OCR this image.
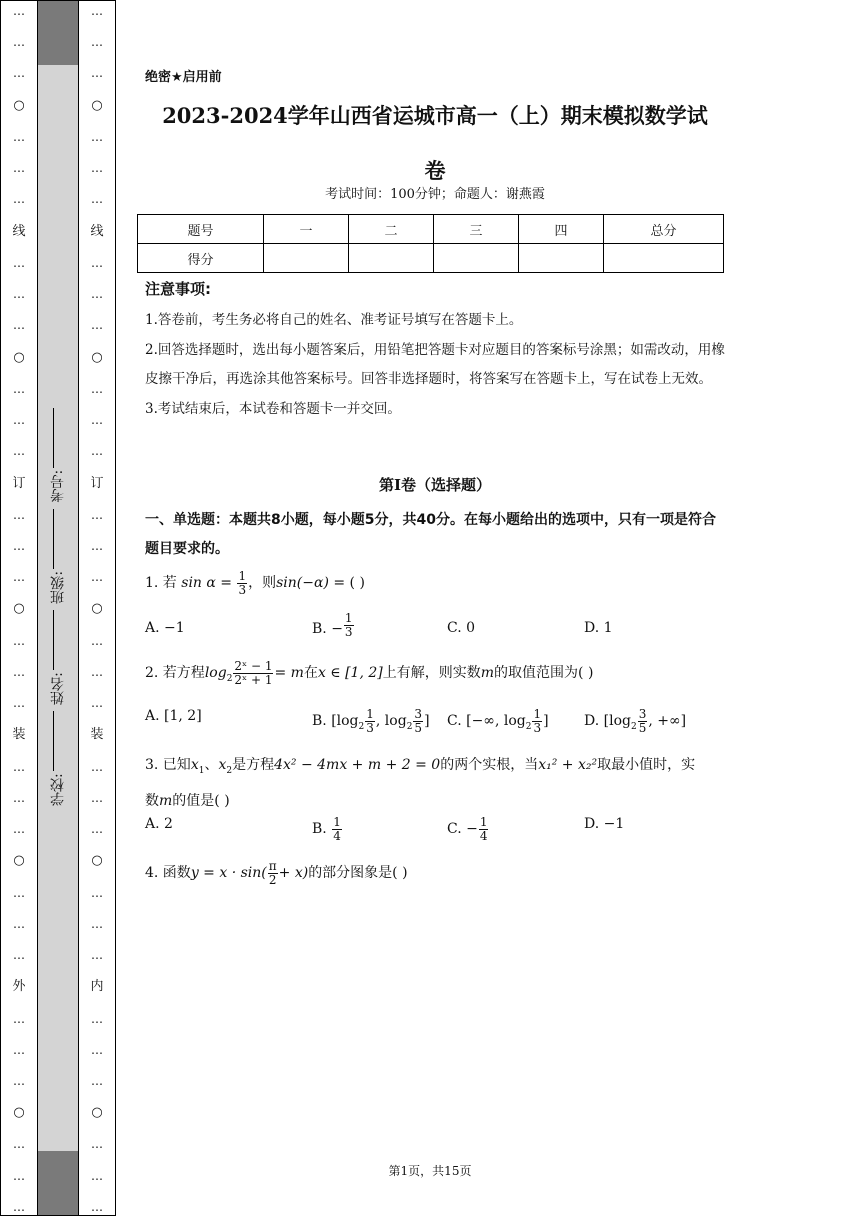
…
…
…
○
…
…
…
线
…
…
…
○
…
…
…
订
…
…
…
○
…
…
…
装
…
…
…
○
…
…
…
外
…
…
…
○
…
…
…
学校: 姓名: 班级: 考号:
…
…
…
○
…
…
…
线
…
…
…
○
…
…
…
订
…
…
…
○
…
…
…
装
…
…
…
○
…
…
…
内
…
…
…
○
…
…
…
绝密★启用前
2023-2024学年山西省运城市高一（上）期末模拟数学试
卷
考试时间：100分钟；命题人：谢燕霞
题号	一	二	三	四	总分
得分					
注意事项:

1.答卷前，考生务必将自己的姓名、准考证号填写在答题卡上。

2.回答选择题时，选出每小题答案后，用铅笔把答题卡对应题目的答案标号涂黑；如需改动，用橡皮擦干净后，再选涂其他答案标号。回答非选择题时，将答案写在答题卡上，写在试卷上无效。

3.考试结束后，本试卷和答题卡一并交回。

第I卷（选择题）
一、单选题：本题共8小题，每小题5分，共40分。在每小题给出的选项中，只有一项是符合题目要求的。
1. 若 $\sin \alpha = \frac{1}{3}$ ，则sin(−α) = ( )
A. −1	B. − $\frac{1}{3}$	C. 0	D. 1
2. 若方程$\log_2 \frac{\text{2ˣ − 1}}{\text{2ˣ + 1}} = m$在x ∈ [1, 2]上有解，则实数m的取值范围为( )
A. [1, 2]	B. [$\log_2 \frac{1}{3}$ , $\log_2 \frac{3}{5}$ ] C. [−∞, $\log_2 \frac{1}{3}$ ]	D. [$\log_2 \frac{3}{5}$ , +∞]
3. 已知$x_1$、$x_2$是方程4x² − 4mx + m + 2 = 0的两个实根，当x₁² + x₂²取最小值时，实
数m的值是( )
A. 2	B. $\frac{1}{4}$	C. − $\frac{1}{4}$	D. −1
4. 函数$y = x \cdot \sin( \frac{\pi}{2} + x)$的部分图象是( )
第1页，共15页
